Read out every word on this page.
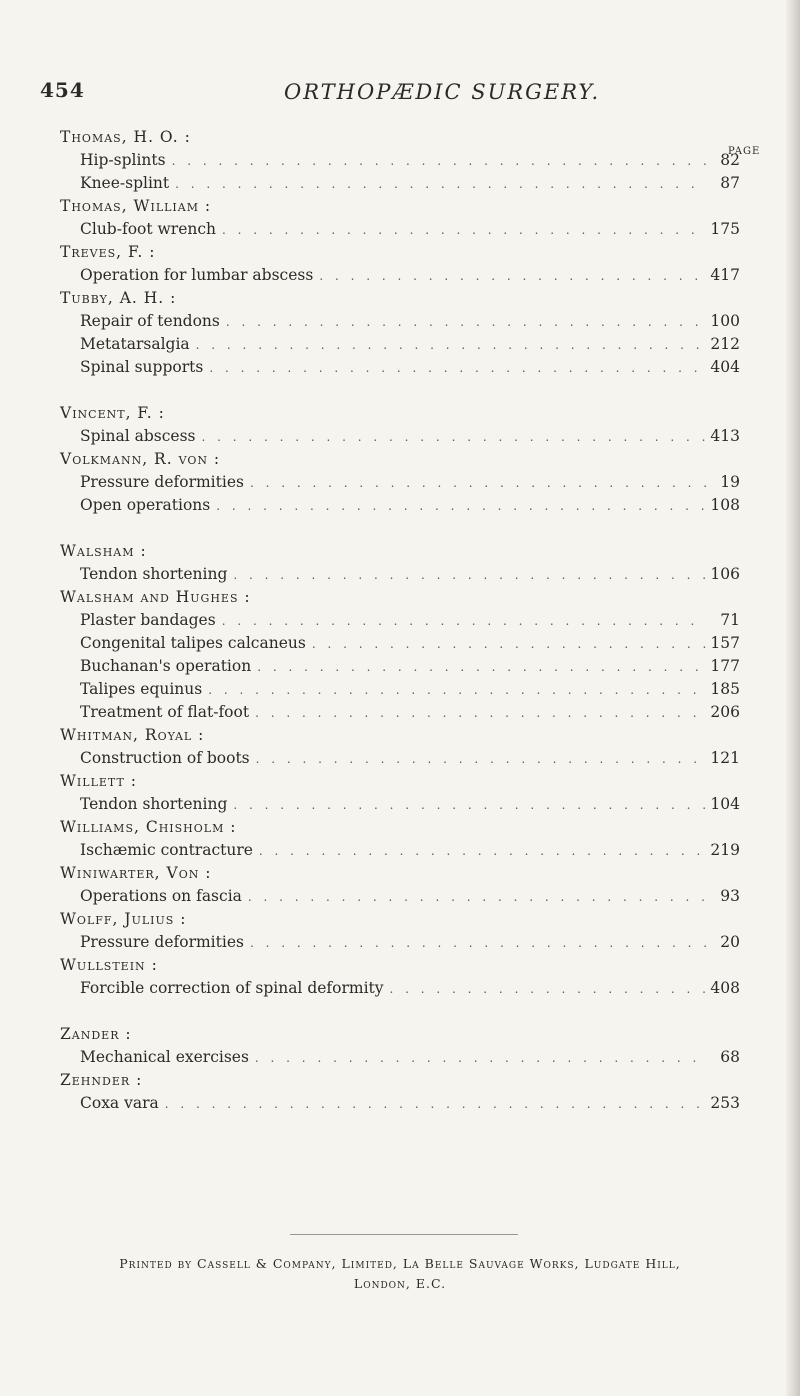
454	ORTHOPÆDIC SURGERY.
PAGE
Thomas, H. O. :
Hip-splints . . .	82
Knee-splint . . .	87
Thomas, William :
Club-foot wrench . . .	175
Treves, F. :
Operation for lumbar abscess . . .	417
Tubby, A. H. :
Repair of tendons . . .	100
Metatarsalgia . . .	212
Spinal supports . . .	404
Vincent, F. :
Spinal abscess . . .	413
Volkmann, R. von :
Pressure deformities . . .	19
Open operations . . .	108
Walsham :
Tendon shortening . . .	106
Walsham and Hughes :
Plaster bandages . . .	71
Congenital talipes calcaneus . . .	157
Buchanan's operation . . .	177
Talipes equinus . . .	185
Treatment of flat-foot . . .	206
Whitman, Royal :
Construction of boots . . .	121
Willett :
Tendon shortening . . .	104
Williams, Chisholm :
Ischæmic contracture . . .	219
Winiwarter, Von :
Operations on fascia . . .	93
Wolff, Julius :
Pressure deformities . . .	20
Wullstein :
Forcible correction of spinal deformity . . .	408
Zander :
Mechanical exercises . . .	68
Zehnder :
Coxa vara . . .	253
Printed by Cassell & Company, Limited, La Belle Sauvage Works, Ludgate Hill,
London, E.C.
